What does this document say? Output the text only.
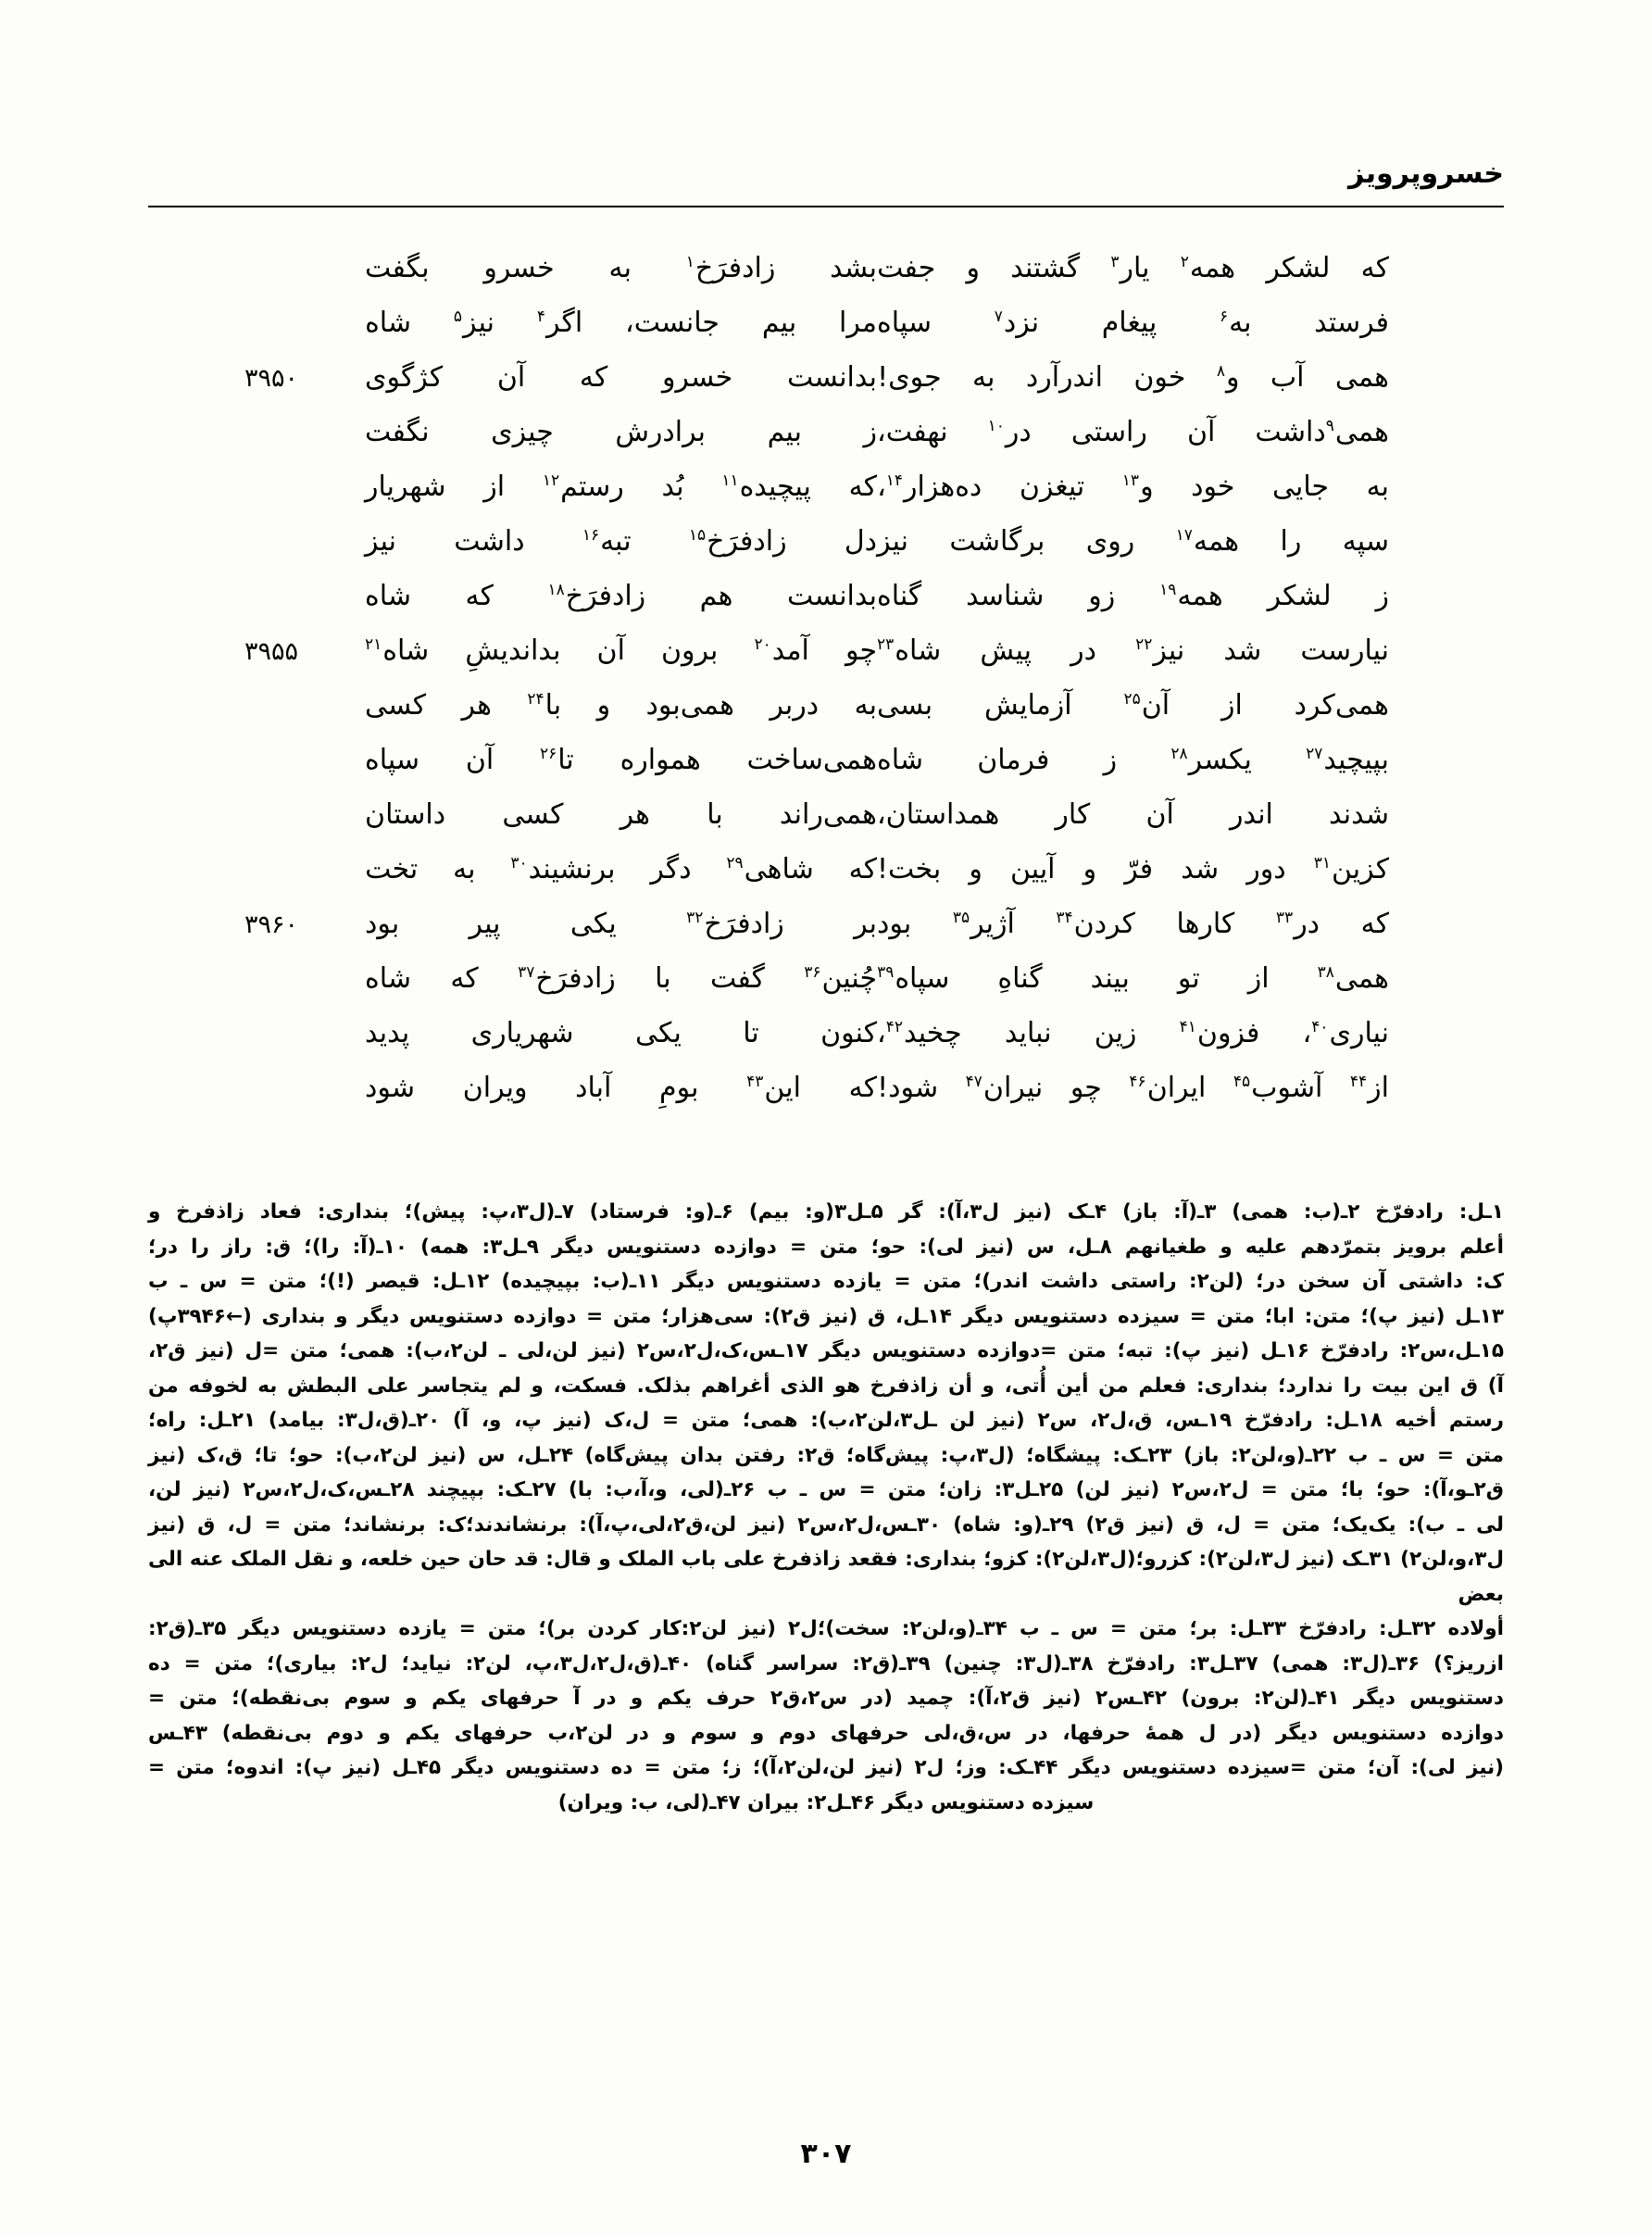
خسروپرویز
که
لشکر
همه‏$^۲$
یار$^۳$
گشتند
و
جفت
بشد
زادفرَخ‏$^۱$
به
خسرو
بگفت
فرستد
به‏$^۶$
پیغام
نزد$^۷$
سپاه
مرا
بیم
جانست،
اگر$^۴$
نیز$^۵$
شاه
همی
آب
و$^۸$
خون
اندرآرد
به
جوی!
بدانست
خسرو
که
آن
کژگوی
۳۹۵۰
همی‏$^۹$داشت
آن
راستی
در$^{۱۰}$
نهفت،
ز
بیم
برادرش
چیزی
نگفت
به
جایی
خود
و$^{۱۳}$
تیغزن
ده‌هزار$^{۱۴}$،
که
پیچیده‏$^{۱۱}$
بُد
رستم‏$^{۱۲}$
از
شهریار
سپه
را
همه‏$^{۱۷}$
روی
برگاشت
نیز
دل
زادفرَخ‏$^{۱۵}$
تبه‏$^{۱۶}$
داشت
نیز
ز
لشکر
همه‏$^{۱۹}$
زو
شناسد
گناه
بدانست
هم
زادفرَخ‏$^{۱۸}$
که
شاه
نیارست
شد
نیز$^{۲۲}$
در
پیش
شاه$^{۲۳}$
چو
آمد$^{۲۰}$
برون
آن
بداندیشِ
شاه$^{۲۱}$
۳۹۵۵
همی‌کرد
از
آن$^{۲۵}$
آزمایش
بسی
به
دربر
همی‌بود
و
با$^{۲۴}$
هر
کسی
بپیچید$^{۲۷}$
یکسر$^{۲۸}$
ز
فرمان
شاه
همی‌ساخت
همواره
تا$^{۲۶}$
آن
سپاه
شدند
اندر
آن
کار
همداستان،
همی‌راند
با
هر
کسی
داستان
کزین$^{۳۱}$
دور
شد
فرّ
و
آیین
و
بخت!
که
شاهی$^{۲۹}$
دگر
برنشیند$^{۳۰}$
به
تخت
که
در$^{۳۳}$
کارها
کردن$^{۳۴}$
آژیر$^{۳۵}$
بود
بر
زادفرَخ‏$^{۳۲}$
یکی
پیر
بود
۳۹۶۰
همی$^{۳۸}$
از
تو
بیند
گناهِ
سپاه$^{۳۹}$
چُنین$^{۳۶}$
گفت
با
زادفرَخ‏$^{۳۷}$
که
شاه
نیاری$^{۴۰}$،
فزون$^{۴۱}$
زین
نباید
چخید$^{۴۲}$،
کنون
تا
یکی
شهریاری
پدید
از$^{۴۴}$
آشوب$^{۴۵}$
ایران$^{۴۶}$
چو
نیران$^{۴۷}$
شود!
که
این$^{۴۳}$
بومِ
آباد
ویران
شود

۱ـل: رادفرّخ ۲ـ(ب: همی) ۳ـ(آ: باز) ۴ـک (نیز ل‏۳،آ): گر ۵ـل‏۳(و: بیم) ۶ـ(و: فرستاد) ۷ـ(ل‏۳،پ: پیش)؛ بنداری: فعاد زاذفرخ و

أعلم برویز بتمرّدهم علیه و طغیانهم ۸ـل، س (نیز لی): حو؛ متن = دوازده دستنویس دیگر ۹ـل‏۳: همه) ۱۰ـ(آ: را)؛ ق: راز را در؛

ک: داشتی آن سخن در؛ (لن‏۲: راستی داشت اندر)؛ متن = یازده دستنویس دیگر ۱۱ـ(ب: بپیچیده) ۱۲ـل: قیصر (!)؛ متن = س ـ ب

۱۳ـل (نیز پ)؛ متن: ابا؛ متن = سیزده دستنویس دیگر ۱۴ـل، ق (نیز ق‏۲): سی‌هزار؛ متن = دوازده دستنویس دیگر و بنداری (←۳۹۴۶پ)

۱۵ـل،س‏۲: رادفرّخ ۱۶ـل (نیز پ): تبه؛ متن =دوازده دستنویس دیگر ۱۷ـس،ک،ل‏۲،س‏۲ (نیز لن،لی ـ لن‏۲،ب): همی؛ متن =ل (نیز ق‏۲،

آ) ق این بیت را ندارد؛ بنداری: فعلم من أین أُتی، و أن زاذفرخ هو الذی أغراهم بذلک. فسکت، و لم یتجاسر علی البطش به لخوفه من

رستم أخیه ۱۸ـل: رادفرّخ ۱۹ـس، ق،ل‏۲، س‏۲ (نیز لن ـل‏۳،لن‏۲،ب): همی؛ متن = ل،ک (نیز پ، و، آ) ۲۰ـ(ق،ل‏۳: بیامد) ۲۱ـل: راه؛

متن = س ـ ب ۲۲ـ(و،لن‏۲: باز) ۲۳ـک: پیشگاه؛ (ل‏۳،پ: پیش‌گاه؛ ق‏۲: رفتن بدان پیش‌گاه) ۲۴ـل، س (نیز لن‏۲،ب): حو؛ تا؛ ق،ک (نیز

ق‏۲ـو،آ): حو؛ با؛ متن = ل‏۲،س‏۲ (نیز لن) ۲۵ـل‏۳: زان؛ متن = س ـ ب ۲۶ـ(لی، و،آ،ب: با) ۲۷ـک: بپیچند ۲۸ـس،ک،ل‏۲،س‏۲ (نیز لن،

لی ـ ب): یک‌یک؛ متن = ل، ق (نیز ق‏۲) ۲۹ـ(و: شاه) ۳۰ـس،ل‏۲،س‏۲ (نیز لن،ق‏۲،لی،پ،آ): برنشاندند؛ک: برنشاند؛ متن = ل، ق (نیز

ل‏۳،و،لن‏۲) ۳۱ـک (نیز ل‏۳،لن‏۲): کزرو؛(ل‏۳،لن‏۲): کزو؛ بنداری: فقعد زاذفرخ علی باب الملک و قال: قد حان حین خلعه، و نقل الملک عنه الی بعض

أولاده ۳۲ـل: رادفرّخ ۳۳ـل: بر؛ متن = س ـ ب ۳۴ـ(و،لن‏۲: سخت)؛ل‏۲ (نیز لن‏۲:کار کردن بر)؛ متن = یازده دستنویس دیگر ۳۵ـ(ق‏۲:

ازریز؟) ۳۶ـ(ل‏۳: همی) ۳۷ـل‏۳: رادفرّخ ۳۸ـ(ل‏۳: چنین) ۳۹ـ(ق‏۲: سراسر گناه) ۴۰ـ(ق،ل‏۲،ل‏۳،پ، لن‏۲: نیاید؛ ل‏۲: بیاری)؛ متن = ده

دستنویس دیگر ۴۱ـ(لن‏۲: برون) ۴۲ـس‏۲ (نیز ق‏۲،آ): چمید (در س‏۲،ق‏۲ حرف یکم و در آ حرفهای یکم و سوم بی‌نقطه)؛ متن =

دوازده دستنویس دیگر (در ل همهٔ حرفها، در س،ق،لی حرفهای دوم و سوم و در لن‏۲،ب حرفهای یکم و دوم بی‌نقطه) ۴۳ـس

(نیز لی): آن؛ متن =سیزده دستنویس دیگر ۴۴ـک: وز؛ ل‏۲ (نیز لن،لن‏۲،آ)؛ ز؛ متن = ده دستنویس دیگر ۴۵ـل (نیز پ): اندوه؛ متن =

سیزده دستنویس دیگر ۴۶ـل‏۲: بیران ۴۷ـ(لی، ب: ویران)

۳۰۷
